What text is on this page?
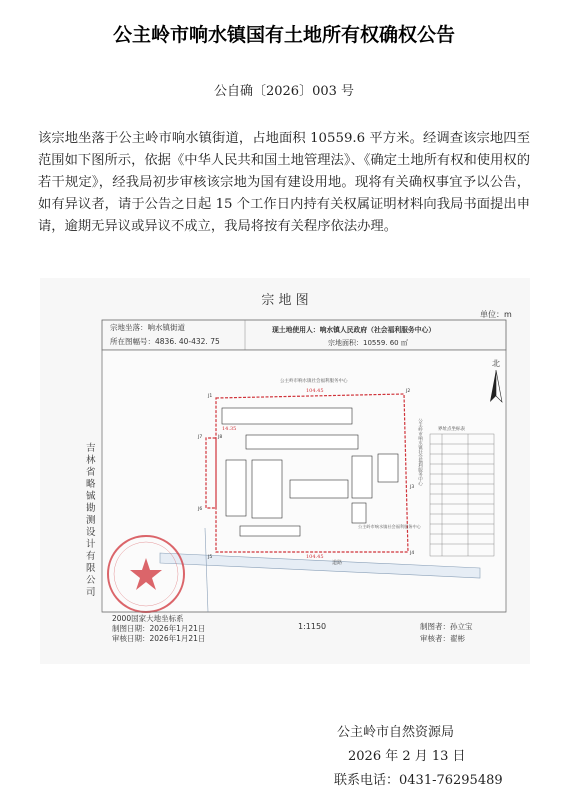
公主岭市响水镇国有土地所有权确权公告
公自确〔2026〕003 号
该宗地坐落于公主岭市响水镇街道，占地面积 10559.6 平方米。经调查该宗地四至范围如下图所示，依据《中华人民共和国土地管理法》、《确定土地所有权和使用权的若干规定》，经我局初步审核该宗地为国有建设用地。现将有关确权事宜予以公告，如有异议者，请于公告之日起 15 个工作日内持有关权属证明材料向我局书面提出申请，逾期无异议或异议不成立，我局将按有关程序依法办理。
宗 地 图
单位：m
宗地坐落：响水镇街道
所在图幅号：4836. 40-432. 75
现土地使用人：响水镇人民政府（社会福利服务中心）
宗地面积：10559. 60 ㎡
北
道路
104.45
14.35
104.45
公主岭市响水镇社会福利服务中心
公主岭市响水镇社会福利服务中心
公主岭市响水镇社会福利服务中心
J1
J2
J3
J4
J5
J6
J7	J8
界址点坐标表
吉
林
省
略
铖
勘
测
设
计
有
限
公
司
2000国家大地坐标系
制图日期：2026年1月21日
审核日期：2026年1月21日
1:1150	制图者：孙立宝
审核者：翟彬
公主岭市自然资源局
2026 年 2 月 13 日
联系电话：0431-76295489
